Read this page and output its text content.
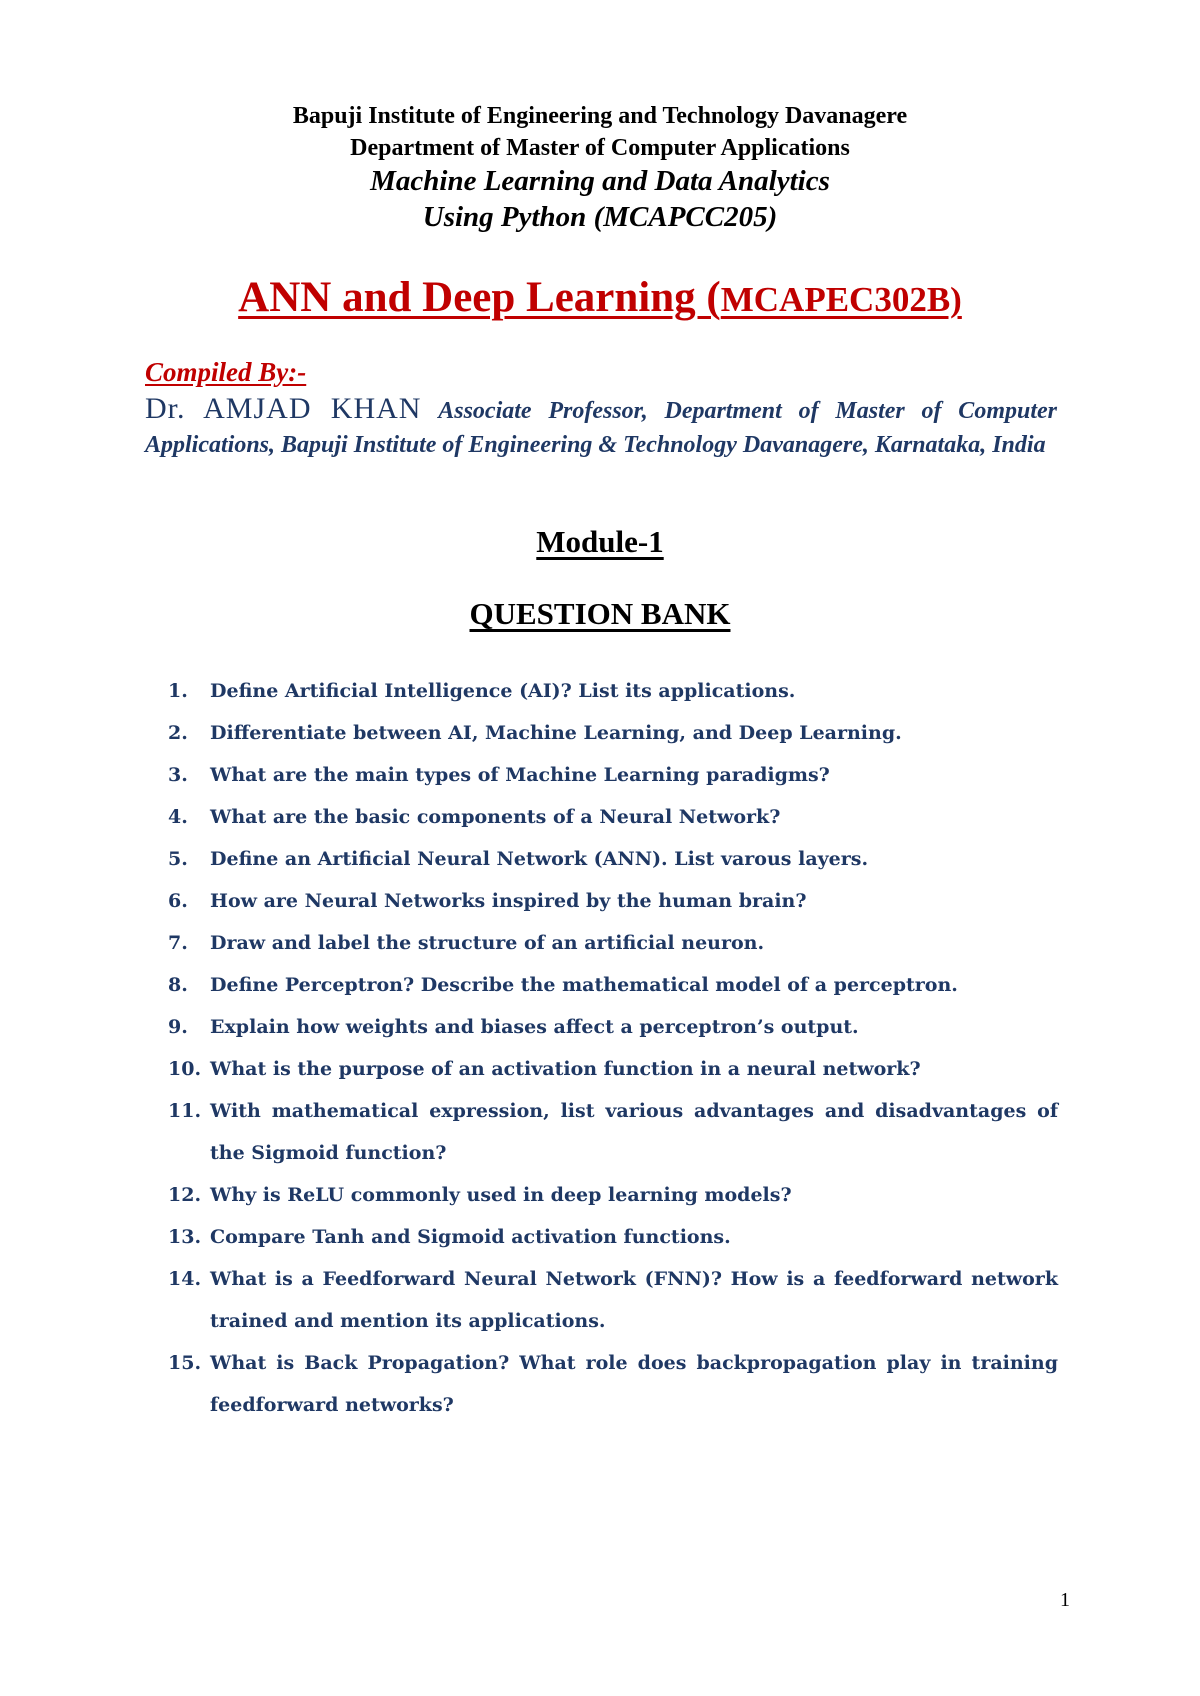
Bapuji Institute of Engineering and Technology Davanagere
Department of Master of Computer Applications
Machine Learning and Data Analytics
Using Python (MCAPCC205)
ANN and Deep Learning (MCAPEC302B)
Compiled By:-
Dr. AMJAD KHAN Associate Professor, Department of Master of Computer Applications, Bapuji Institute of Engineering & Technology Davanagere, Karnataka, India
Module-1
QUESTION BANK
1.	Define Artificial Intelligence (AI)? List its applications.
2.	Differentiate between AI, Machine Learning, and Deep Learning.
3.	What are the main types of Machine Learning paradigms?
4.	What are the basic components of a Neural Network?
5.	Define an Artificial Neural Network (ANN). List varous layers.
6.	How are Neural Networks inspired by the human brain?
7.	Draw and label the structure of an artificial neuron.
8.	Define Perceptron? Describe the mathematical model of a perceptron.
9.	Explain how weights and biases affect a perceptron’s output.
10. What is the purpose of an activation function in a neural network?
11. With mathematical expression, list various advantages and disadvantages of the Sigmoid function?
12. Why is ReLU commonly used in deep learning models?
13. Compare Tanh and Sigmoid activation functions.
14. What is a Feedforward Neural Network (FNN)? How is a feedforward network trained and mention its applications.
15. What is Back Propagation? What role does backpropagation play in training feedforward networks?
1
